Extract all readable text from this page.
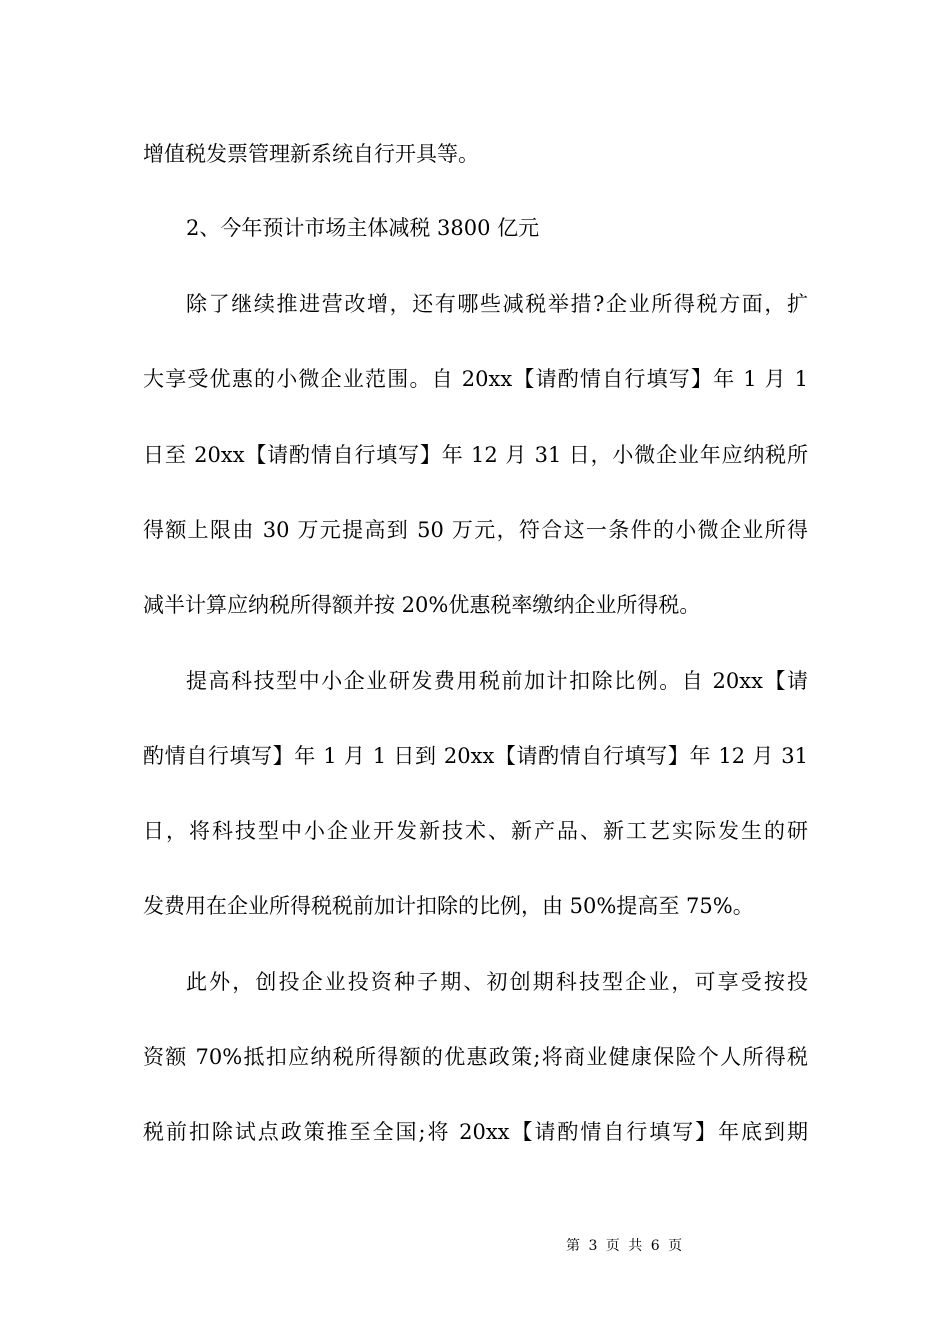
增值税发票管理新系统自行开具等。
2、今年预计市场主体减税 3800 亿元
除了继续推进营改增，还有哪些减税举措?企业所得税方面，扩
大享受优惠的小微企业范围。自 20xx【请酌情自行填写】年 1 月 1
日至 20xx【请酌情自行填写】年 12 月 31 日，小微企业年应纳税所
得额上限由 30 万元提高到 50 万元，符合这一条件的小微企业所得
减半计算应纳税所得额并按 20%优惠税率缴纳企业所得税。
提高科技型中小企业研发费用税前加计扣除比例。自 20xx【请
酌情自行填写】年 1 月 1 日到 20xx【请酌情自行填写】年 12 月 31
日，将科技型中小企业开发新技术、新产品、新工艺实际发生的研
发费用在企业所得税税前加计扣除的比例，由 50%提高至 75%。
此外，创投企业投资种子期、初创期科技型企业，可享受按投
资额 70%抵扣应纳税所得额的优惠政策;将商业健康保险个人所得税
税前扣除试点政策推至全国;将 20xx【请酌情自行填写】年底到期
第 3 页 共 6 页
